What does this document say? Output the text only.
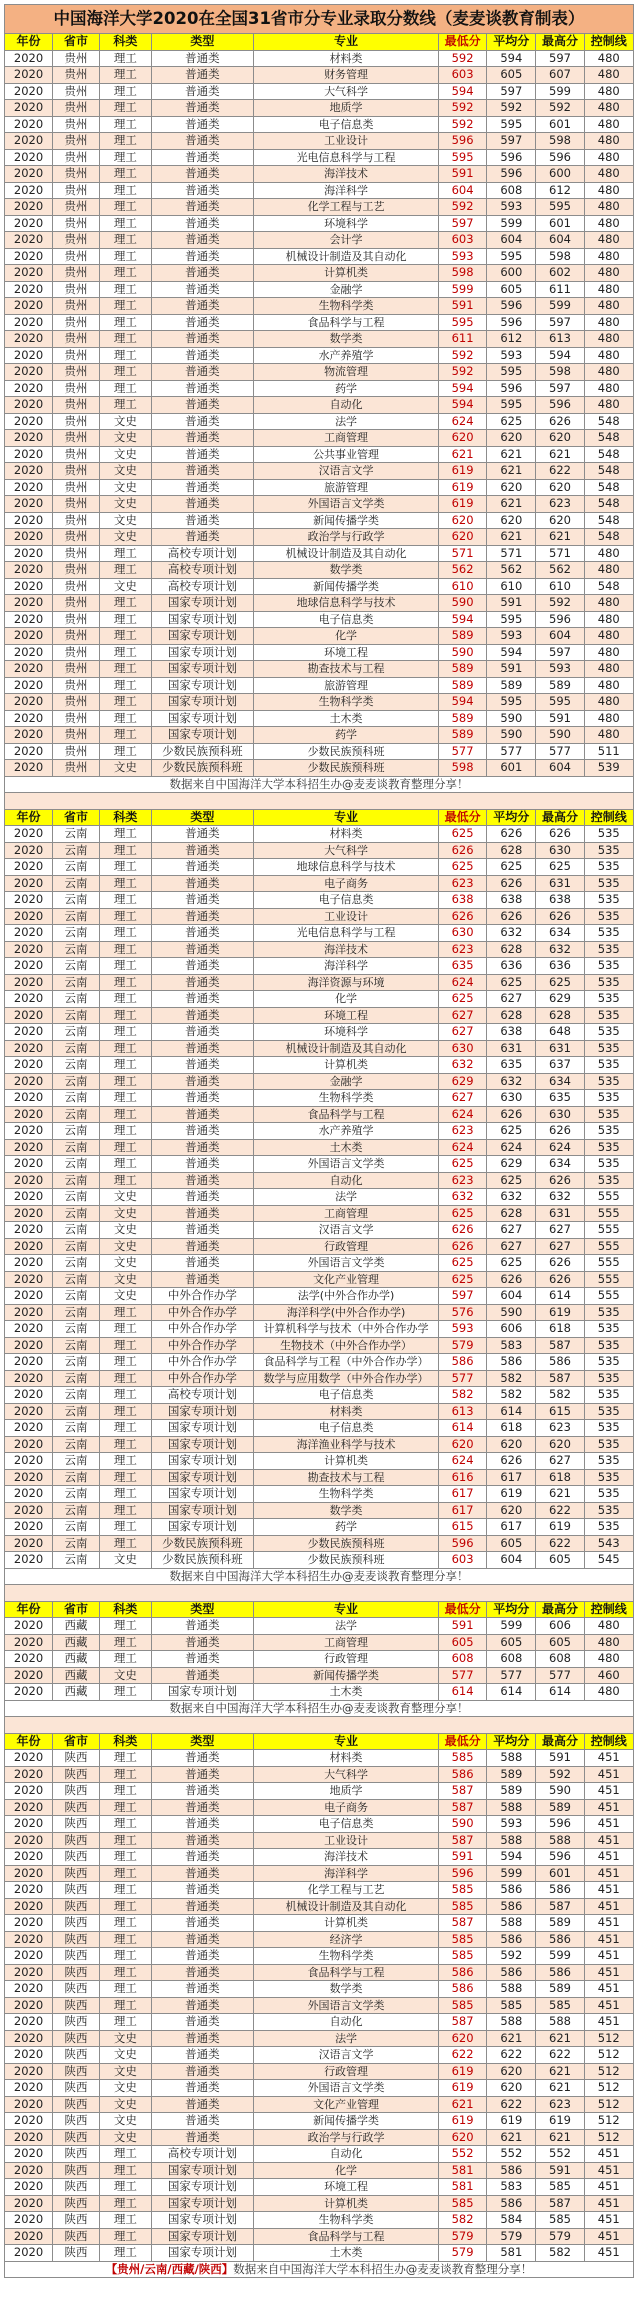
中国海洋大学2020在全国31省市分专业录取分数线（麦麦谈教育制表）								
年份	省市	科类	类型	专业	最低分	平均分	最高分	控制线
2020	贵州	理工	普通类	材料类	592	594	597	480
2020	贵州	理工	普通类	财务管理	603	605	607	480
2020	贵州	理工	普通类	大气科学	594	597	599	480
2020	贵州	理工	普通类	地质学	592	592	592	480
2020	贵州	理工	普通类	电子信息类	592	595	601	480
2020	贵州	理工	普通类	工业设计	596	597	598	480
2020	贵州	理工	普通类	光电信息科学与工程	595	596	596	480
2020	贵州	理工	普通类	海洋技术	591	596	600	480
2020	贵州	理工	普通类	海洋科学	604	608	612	480
2020	贵州	理工	普通类	化学工程与工艺	592	593	595	480
2020	贵州	理工	普通类	环境科学	597	599	601	480
2020	贵州	理工	普通类	会计学	603	604	604	480
2020	贵州	理工	普通类	机械设计制造及其自动化	593	595	598	480
2020	贵州	理工	普通类	计算机类	598	600	602	480
2020	贵州	理工	普通类	金融学	599	605	611	480
2020	贵州	理工	普通类	生物科学类	591	596	599	480
2020	贵州	理工	普通类	食品科学与工程	595	596	597	480
2020	贵州	理工	普通类	数学类	611	612	613	480
2020	贵州	理工	普通类	水产养殖学	592	593	594	480
2020	贵州	理工	普通类	物流管理	592	595	598	480
2020	贵州	理工	普通类	药学	594	596	597	480
2020	贵州	理工	普通类	自动化	594	595	596	480
2020	贵州	文史	普通类	法学	624	625	626	548
2020	贵州	文史	普通类	工商管理	620	620	620	548
2020	贵州	文史	普通类	公共事业管理	621	621	621	548
2020	贵州	文史	普通类	汉语言文学	619	621	622	548
2020	贵州	文史	普通类	旅游管理	619	620	620	548
2020	贵州	文史	普通类	外国语言文学类	619	621	623	548
2020	贵州	文史	普通类	新闻传播学类	620	620	620	548
2020	贵州	文史	普通类	政治学与行政学	620	621	621	548
2020	贵州	理工	高校专项计划	机械设计制造及其自动化	571	571	571	480
2020	贵州	理工	高校专项计划	数学类	562	562	562	480
2020	贵州	文史	高校专项计划	新闻传播学类	610	610	610	548
2020	贵州	理工	国家专项计划	地球信息科学与技术	590	591	592	480
2020	贵州	理工	国家专项计划	电子信息类	594	595	596	480
2020	贵州	理工	国家专项计划	化学	589	593	604	480
2020	贵州	理工	国家专项计划	环境工程	590	594	597	480
2020	贵州	理工	国家专项计划	勘查技术与工程	589	591	593	480
2020	贵州	理工	国家专项计划	旅游管理	589	589	589	480
2020	贵州	理工	国家专项计划	生物科学类	594	595	595	480
2020	贵州	理工	国家专项计划	土木类	589	590	591	480
2020	贵州	理工	国家专项计划	药学	589	590	590	480
2020	贵州	理工	少数民族预科班	少数民族预科班	577	577	577	511
2020	贵州	文史	少数民族预科班	少数民族预科班	598	601	604	539
数据来自中国海洋大学本科招生办@麦麦谈教育整理分享！								

年份	省市	科类	类型	专业	最低分	平均分	最高分	控制线
2020	云南	理工	普通类	材料类	625	626	626	535
2020	云南	理工	普通类	大气科学	626	628	630	535
2020	云南	理工	普通类	地球信息科学与技术	625	625	625	535
2020	云南	理工	普通类	电子商务	623	626	631	535
2020	云南	理工	普通类	电子信息类	638	638	638	535
2020	云南	理工	普通类	工业设计	626	626	626	535
2020	云南	理工	普通类	光电信息科学与工程	630	632	634	535
2020	云南	理工	普通类	海洋技术	623	628	632	535
2020	云南	理工	普通类	海洋科学	635	636	636	535
2020	云南	理工	普通类	海洋资源与环境	624	625	625	535
2020	云南	理工	普通类	化学	625	627	629	535
2020	云南	理工	普通类	环境工程	627	628	628	535
2020	云南	理工	普通类	环境科学	627	638	648	535
2020	云南	理工	普通类	机械设计制造及其自动化	630	631	631	535
2020	云南	理工	普通类	计算机类	632	635	637	535
2020	云南	理工	普通类	金融学	629	632	634	535
2020	云南	理工	普通类	生物科学类	627	630	635	535
2020	云南	理工	普通类	食品科学与工程	624	626	630	535
2020	云南	理工	普通类	水产养殖学	623	625	626	535
2020	云南	理工	普通类	土木类	624	624	624	535
2020	云南	理工	普通类	外国语言文学类	625	629	634	535
2020	云南	理工	普通类	自动化	623	625	626	535
2020	云南	文史	普通类	法学	632	632	632	555
2020	云南	文史	普通类	工商管理	625	628	631	555
2020	云南	文史	普通类	汉语言文学	626	627	627	555
2020	云南	文史	普通类	行政管理	626	627	627	555
2020	云南	文史	普通类	外国语言文学类	625	625	626	555
2020	云南	文史	普通类	文化产业管理	625	626	626	555
2020	云南	文史	中外合作办学	法学(中外合作办学)	597	604	614	555
2020	云南	理工	中外合作办学	海洋科学(中外合作办学)	576	590	619	535
2020	云南	理工	中外合作办学	计算机科学与技术（中外合作办学	593	606	618	535
2020	云南	理工	中外合作办学	生物技术（中外合作办学）	579	583	587	535
2020	云南	理工	中外合作办学	食品科学与工程（中外合作办学）	586	586	586	535
2020	云南	理工	中外合作办学	数学与应用数学（中外合作办学）	577	582	587	535
2020	云南	理工	高校专项计划	电子信息类	582	582	582	535
2020	云南	理工	国家专项计划	材料类	613	614	615	535
2020	云南	理工	国家专项计划	电子信息类	614	618	623	535
2020	云南	理工	国家专项计划	海洋渔业科学与技术	620	620	620	535
2020	云南	理工	国家专项计划	计算机类	624	626	627	535
2020	云南	理工	国家专项计划	勘查技术与工程	616	617	618	535
2020	云南	理工	国家专项计划	生物科学类	617	619	621	535
2020	云南	理工	国家专项计划	数学类	617	620	622	535
2020	云南	理工	国家专项计划	药学	615	617	619	535
2020	云南	理工	少数民族预科班	少数民族预科班	596	605	622	543
2020	云南	文史	少数民族预科班	少数民族预科班	603	604	605	545
数据来自中国海洋大学本科招生办@麦麦谈教育整理分享！								

年份	省市	科类	类型	专业	最低分	平均分	最高分	控制线
2020	西藏	理工	普通类	法学	591	599	606	480
2020	西藏	理工	普通类	工商管理	605	605	605	480
2020	西藏	理工	普通类	行政管理	608	608	608	480
2020	西藏	文史	普通类	新闻传播学类	577	577	577	460
2020	西藏	理工	国家专项计划	土木类	614	614	614	480
数据来自中国海洋大学本科招生办@麦麦谈教育整理分享！								

年份	省市	科类	类型	专业	最低分	平均分	最高分	控制线
2020	陕西	理工	普通类	材料类	585	588	591	451
2020	陕西	理工	普通类	大气科学	586	589	592	451
2020	陕西	理工	普通类	地质学	587	589	590	451
2020	陕西	理工	普通类	电子商务	587	588	589	451
2020	陕西	理工	普通类	电子信息类	590	593	596	451
2020	陕西	理工	普通类	工业设计	587	588	588	451
2020	陕西	理工	普通类	海洋技术	591	594	596	451
2020	陕西	理工	普通类	海洋科学	596	599	601	451
2020	陕西	理工	普通类	化学工程与工艺	585	586	586	451
2020	陕西	理工	普通类	机械设计制造及其自动化	585	586	587	451
2020	陕西	理工	普通类	计算机类	587	588	589	451
2020	陕西	理工	普通类	经济学	585	586	586	451
2020	陕西	理工	普通类	生物科学类	585	592	599	451
2020	陕西	理工	普通类	食品科学与工程	586	586	586	451
2020	陕西	理工	普通类	数学类	586	588	589	451
2020	陕西	理工	普通类	外国语言文学类	585	585	585	451
2020	陕西	理工	普通类	自动化	587	588	588	451
2020	陕西	文史	普通类	法学	620	621	621	512
2020	陕西	文史	普通类	汉语言文学	622	622	622	512
2020	陕西	文史	普通类	行政管理	619	620	621	512
2020	陕西	文史	普通类	外国语言文学类	619	620	621	512
2020	陕西	文史	普通类	文化产业管理	621	622	623	512
2020	陕西	文史	普通类	新闻传播学类	619	619	619	512
2020	陕西	文史	普通类	政治学与行政学	620	621	621	512
2020	陕西	理工	高校专项计划	自动化	552	552	552	451
2020	陕西	理工	国家专项计划	化学	581	586	591	451
2020	陕西	理工	国家专项计划	环境工程	581	583	585	451
2020	陕西	理工	国家专项计划	计算机类	585	586	587	451
2020	陕西	理工	国家专项计划	生物科学类	582	584	585	451
2020	陕西	理工	国家专项计划	食品科学与工程	579	579	579	451
2020	陕西	理工	国家专项计划	土木类	579	581	582	451
【贵州/云南/西藏/陕西】数据来自中国海洋大学本科招生办@麦麦谈教育整理分享！								
